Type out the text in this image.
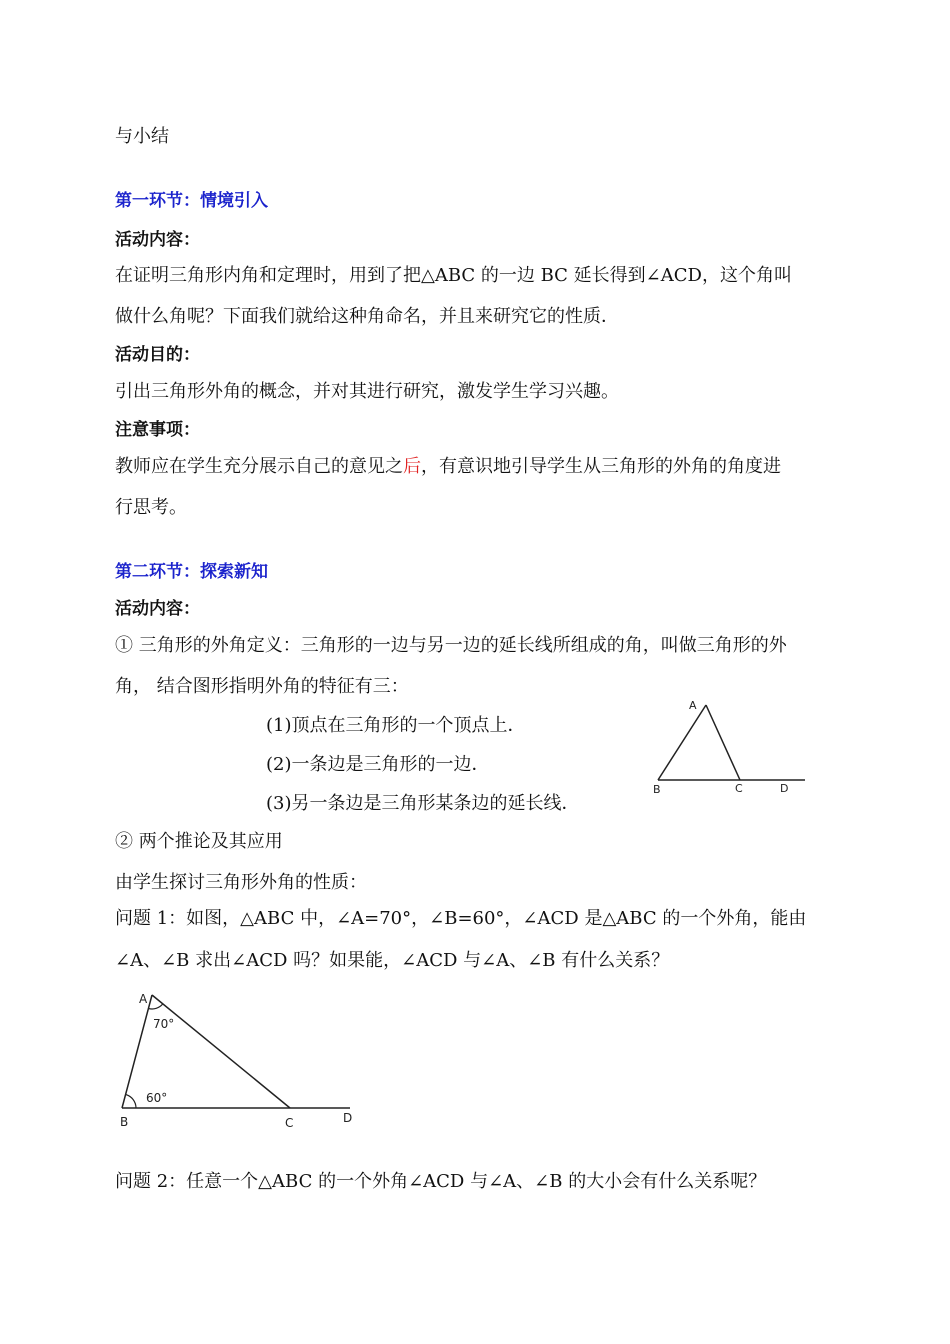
与小结
第一环节：情境引入
活动内容：
在证明三角形内角和定理时，用到了把△ABC 的一边 BC 延长得到∠ACD，这个角叫
做什么角呢？下面我们就给这种角命名，并且来研究它的性质．
活动目的：
引出三角形外角的概念，并对其进行研究，激发学生学习兴趣。
注意事项：
教师应在学生充分展示自己的意见之后，有意识地引导学生从三角形的外角的角度进
行思考。
第二环节：探索新知
活动内容：
① 三角形的外角定义：三角形的一边与另一边的延长线所组成的角，叫做三角形的外
角， 结合图形指明外角的特征有三：
(1)顶点在三角形的一个顶点上．
(2)一条边是三角形的一边．
(3)另一条边是三角形某条边的延长线．
② 两个推论及其应用
由学生探讨三角形外角的性质：
问题 1：如图，△ABC 中，∠A=70°，∠B=60°，∠ACD 是△ABC 的一个外角，能由
∠A、∠B 求出∠ACD 吗？如果能，∠ACD 与∠A、∠B 有什么关系？
问题 2：任意一个△ABC 的一个外角∠ACD 与∠A、∠B 的大小会有什么关系呢？
A
B	C	D
A
70°
60°
B	C	D
